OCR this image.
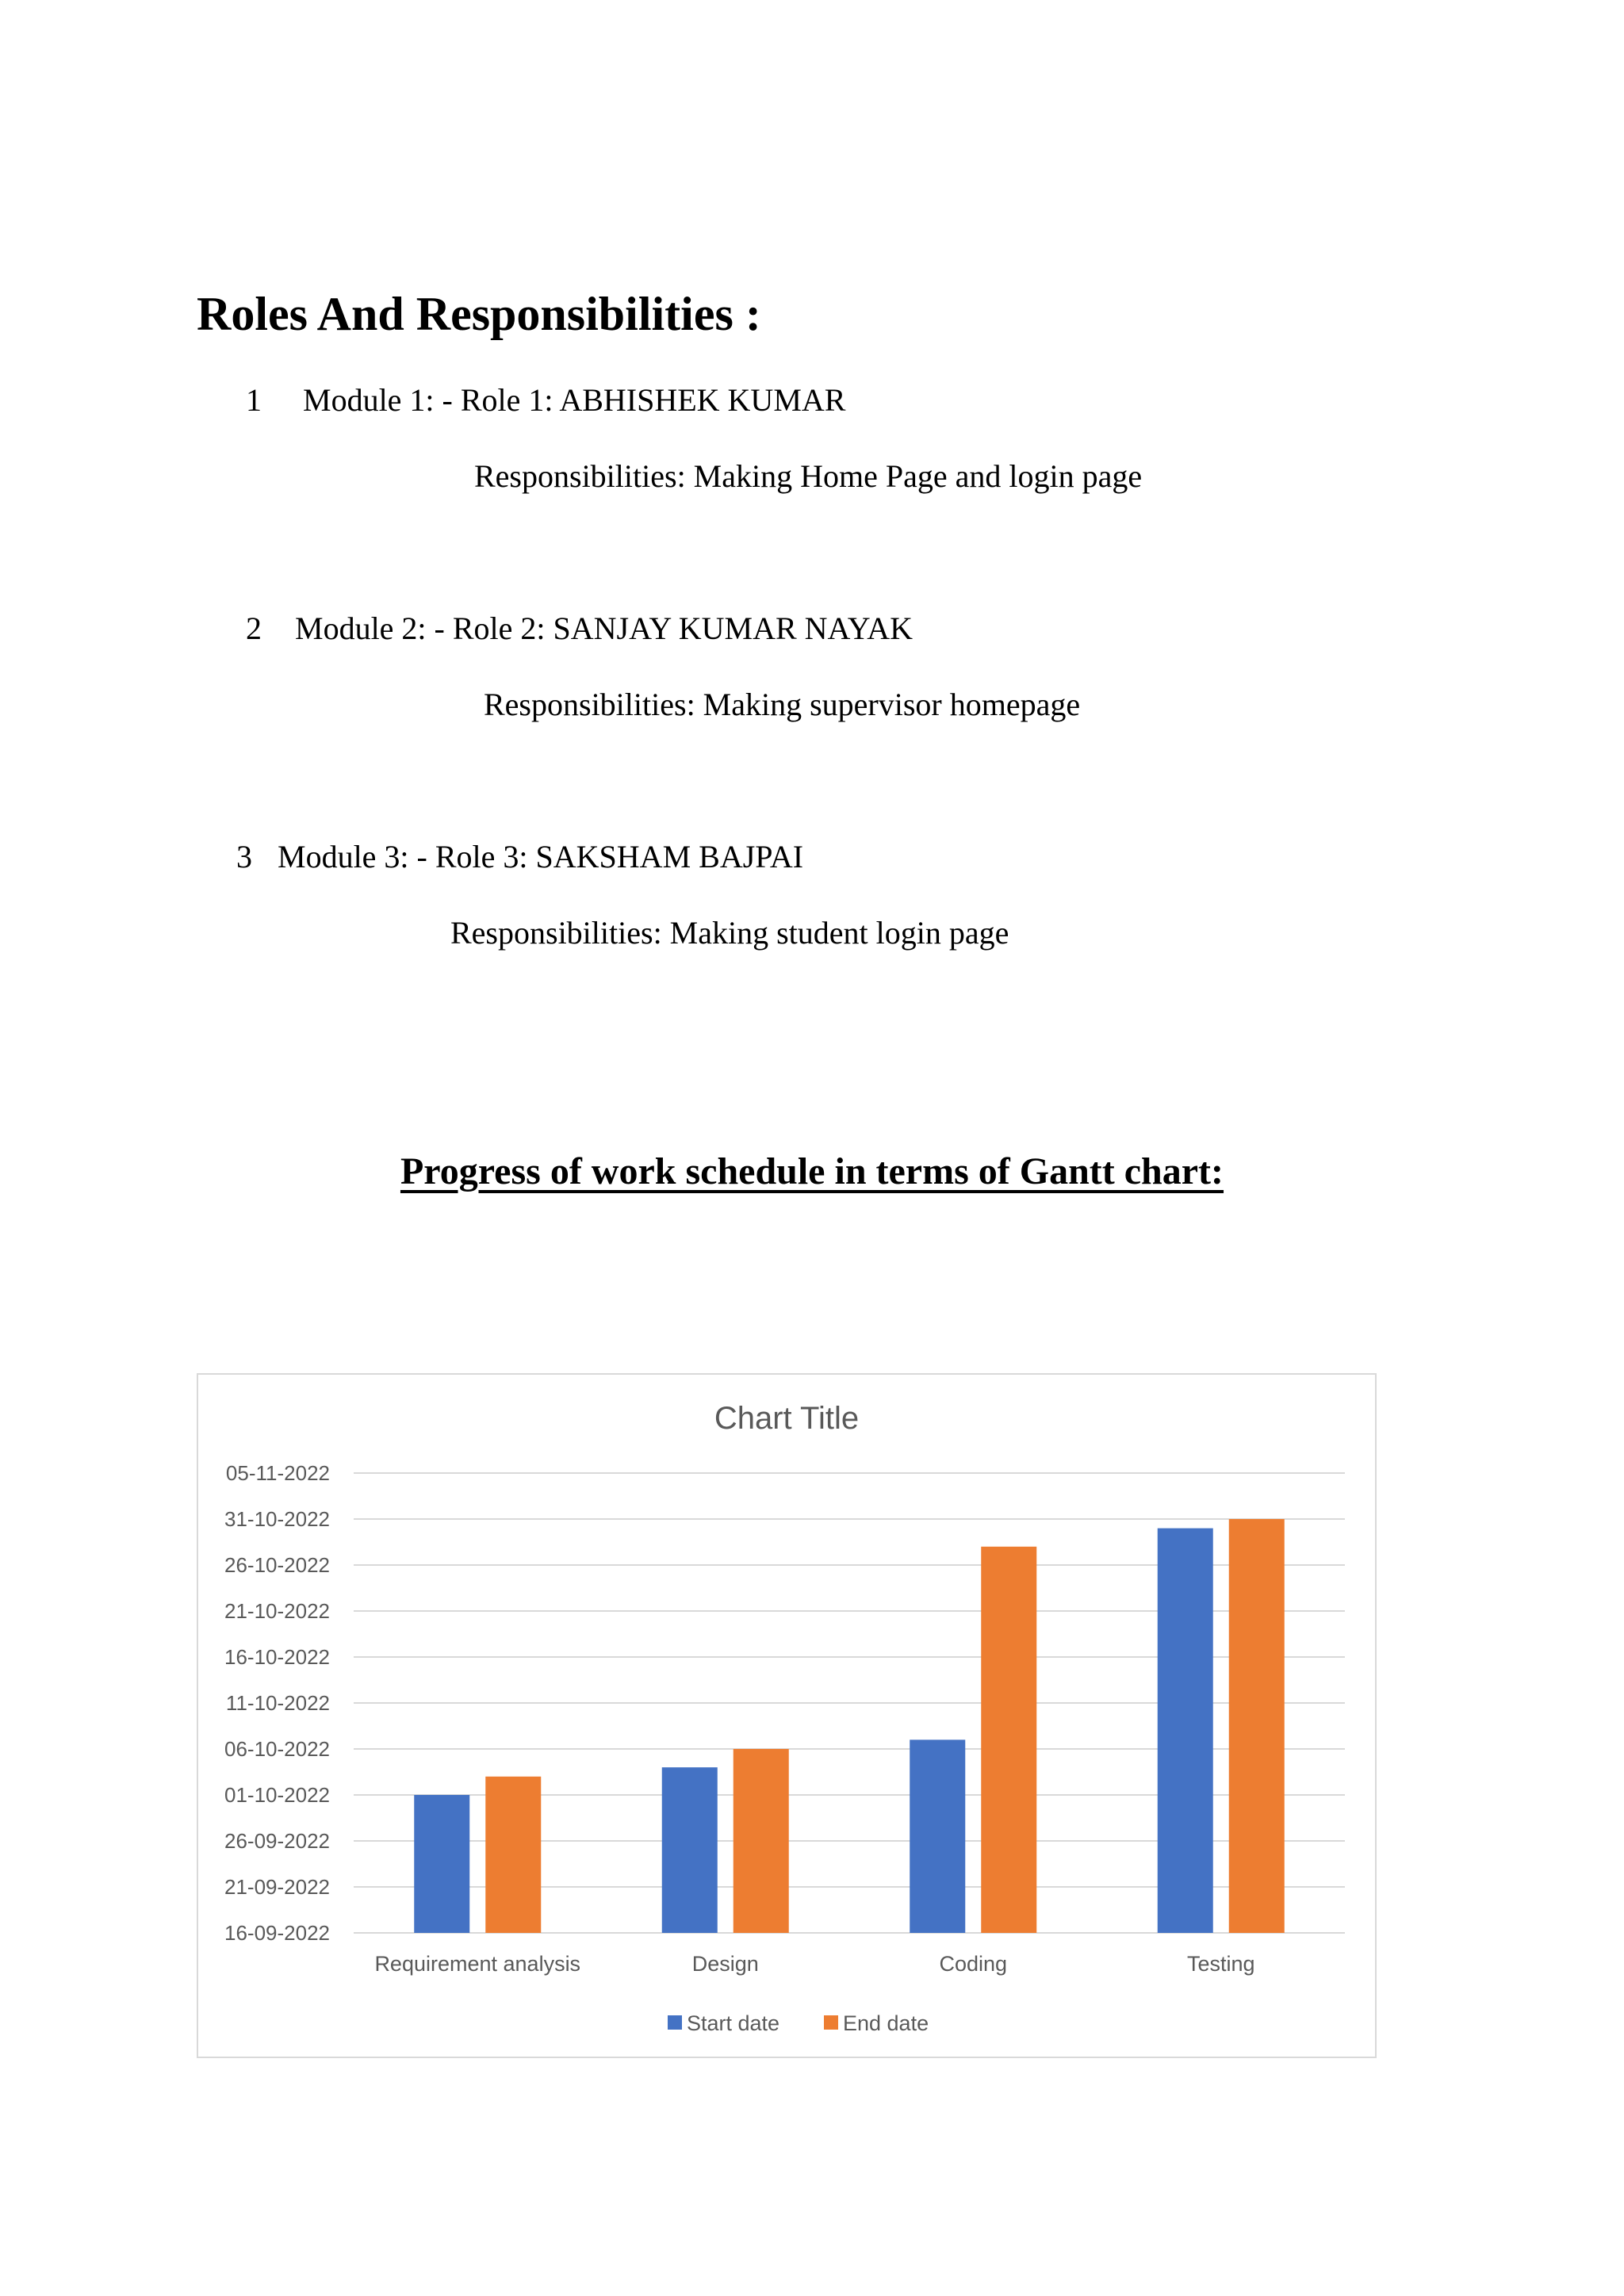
Roles And Responsibilities :
1 Module 1: - Role 1: ABHISHEK KUMAR
Responsibilities: Making Home Page and login page
2 Module 2: - Role 2: SANJAY KUMAR NAYAK
Responsibilities: Making supervisor homepage
3 Module 3: - Role 3: SAKSHAM BAJPAI
Responsibilities: Making student login page
Progress of work schedule in terms of Gantt chart:
Chart Title
16-09-2022
21-09-2022
26-09-2022
01-10-2022
06-10-2022
11-10-2022
16-10-2022
21-10-2022
26-10-2022
31-10-2022
05-11-2022
Requirement analysis	Design	Coding	Testing
Start date	End date
